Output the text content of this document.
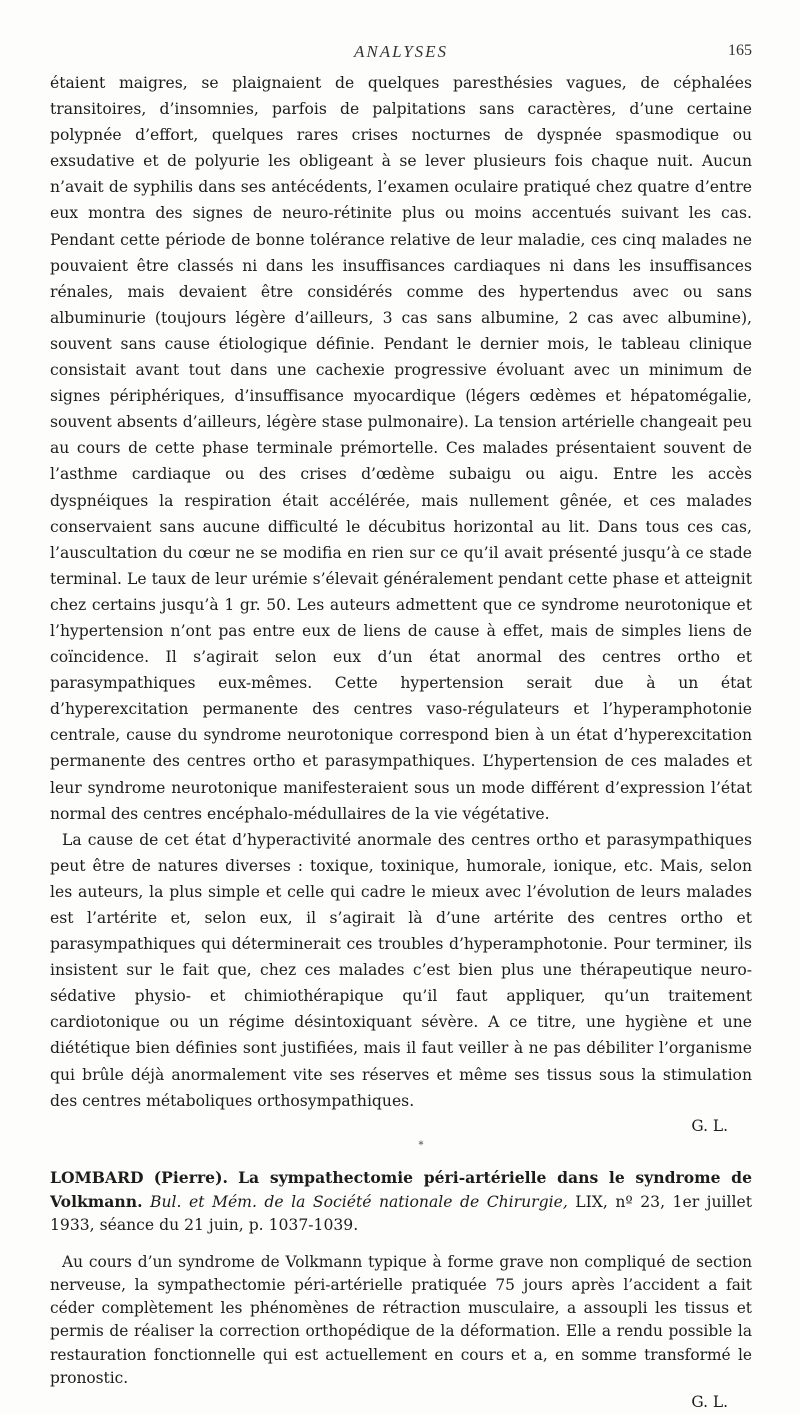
ANALYSES	165

étaient maigres, se plaignaient de quelques paresthésies vagues, de céphalées transitoires, d’insomnies, parfois de palpitations sans caractères, d’une certaine polypnée d’effort, quelques rares crises nocturnes de dyspnée spasmodique ou exsudative et de polyurie les obligeant à se lever plusieurs fois chaque nuit. Aucun n’avait de syphilis dans ses antécédents, l’examen oculaire pratiqué chez quatre d’entre eux montra des signes de neuro-rétinite plus ou moins accentués suivant les cas. Pendant cette période de bonne tolérance relative de leur maladie, ces cinq malades ne pouvaient être classés ni dans les insuffisances cardiaques ni dans les insuffisances rénales, mais devaient être considérés comme des hypertendus avec ou sans albuminurie (toujours légère d’ailleurs, 3 cas sans albumine, 2 cas avec albumine), souvent sans cause étiologique définie. Pendant le dernier mois, le tableau clinique consistait avant tout dans une cachexie progressive évoluant avec un minimum de signes périphériques, d’insuffisance myocardique (légers œdèmes et hépatomégalie, souvent absents d’ailleurs, légère stase pulmonaire). La tension artérielle changeait peu au cours de cette phase terminale prémortelle. Ces malades présentaient souvent de l’asthme cardiaque ou des crises d’œdème subaigu ou aigu. Entre les accès dyspnéiques la respiration était accélérée, mais nullement gênée, et ces malades conservaient sans aucune difficulté le décubitus horizontal au lit. Dans tous ces cas, l’auscultation du cœur ne se modifia en rien sur ce qu’il avait présenté jusqu’à ce stade terminal. Le taux de leur urémie s’élevait généralement pendant cette phase et atteignit chez certains jusqu’à 1 gr. 50. Les auteurs admettent que ce syndrome neurotonique et l’hypertension n’ont pas entre eux de liens de cause à effet, mais de simples liens de coïncidence. Il s’agirait selon eux d’un état anormal des centres ortho et parasympathiques eux-mêmes. Cette hypertension serait due à un état d’hyperexcitation permanente des centres vaso-régulateurs et l’hyperamphotonie centrale, cause du syndrome neurotonique correspond bien à un état d’hyperexcitation permanente des centres ortho et parasympathiques. L’hypertension de ces malades et leur syndrome neurotonique manifesteraient sous un mode différent d’expression l’état normal des centres encéphalo-médullaires de la vie végétative.

La cause de cet état d’hyperactivité anormale des centres ortho et parasympathiques peut être de natures diverses : toxique, toxinique, humorale, ionique, etc. Mais, selon les auteurs, la plus simple et celle qui cadre le mieux avec l’évolution de leurs malades est l’artérite et, selon eux, il s’agirait là d’une artérite des centres ortho et parasympathiques qui déterminerait ces troubles d’hyperamphotonie. Pour terminer, ils insistent sur le fait que, chez ces malades c’est bien plus une thérapeutique neuro-sédative physio- et chimiothérapique qu’il faut appliquer, qu’un traitement cardiotonique ou un régime désintoxiquant sévère. A ce titre, une hygiène et une diététique bien définies sont justifiées, mais il faut veiller à ne pas débiliter l’organisme qui brûle déjà anormalement vite ses réserves et même ses tissus sous la stimulation des centres métaboliques orthosympathiques.

G. L.

*

LOMBARD (Pierre). La sympathectomie péri-artérielle dans le syndrome de Volkmann. Bul. et Mém. de la Société nationale de Chirurgie, LIX, nº 23, 1er juillet 1933, séance du 21 juin, p. 1037-1039.

Au cours d’un syndrome de Volkmann typique à forme grave non compliqué de section nerveuse, la sympathectomie péri-artérielle pratiquée 75 jours après l’accident a fait céder complètement les phénomènes de rétraction musculaire, a assoupli les tissus et permis de réaliser la correction orthopédique de la déformation. Elle a rendu possible la restauration fonctionnelle qui est actuellement en cours et a, en somme transformé le pronostic.

G. L.
